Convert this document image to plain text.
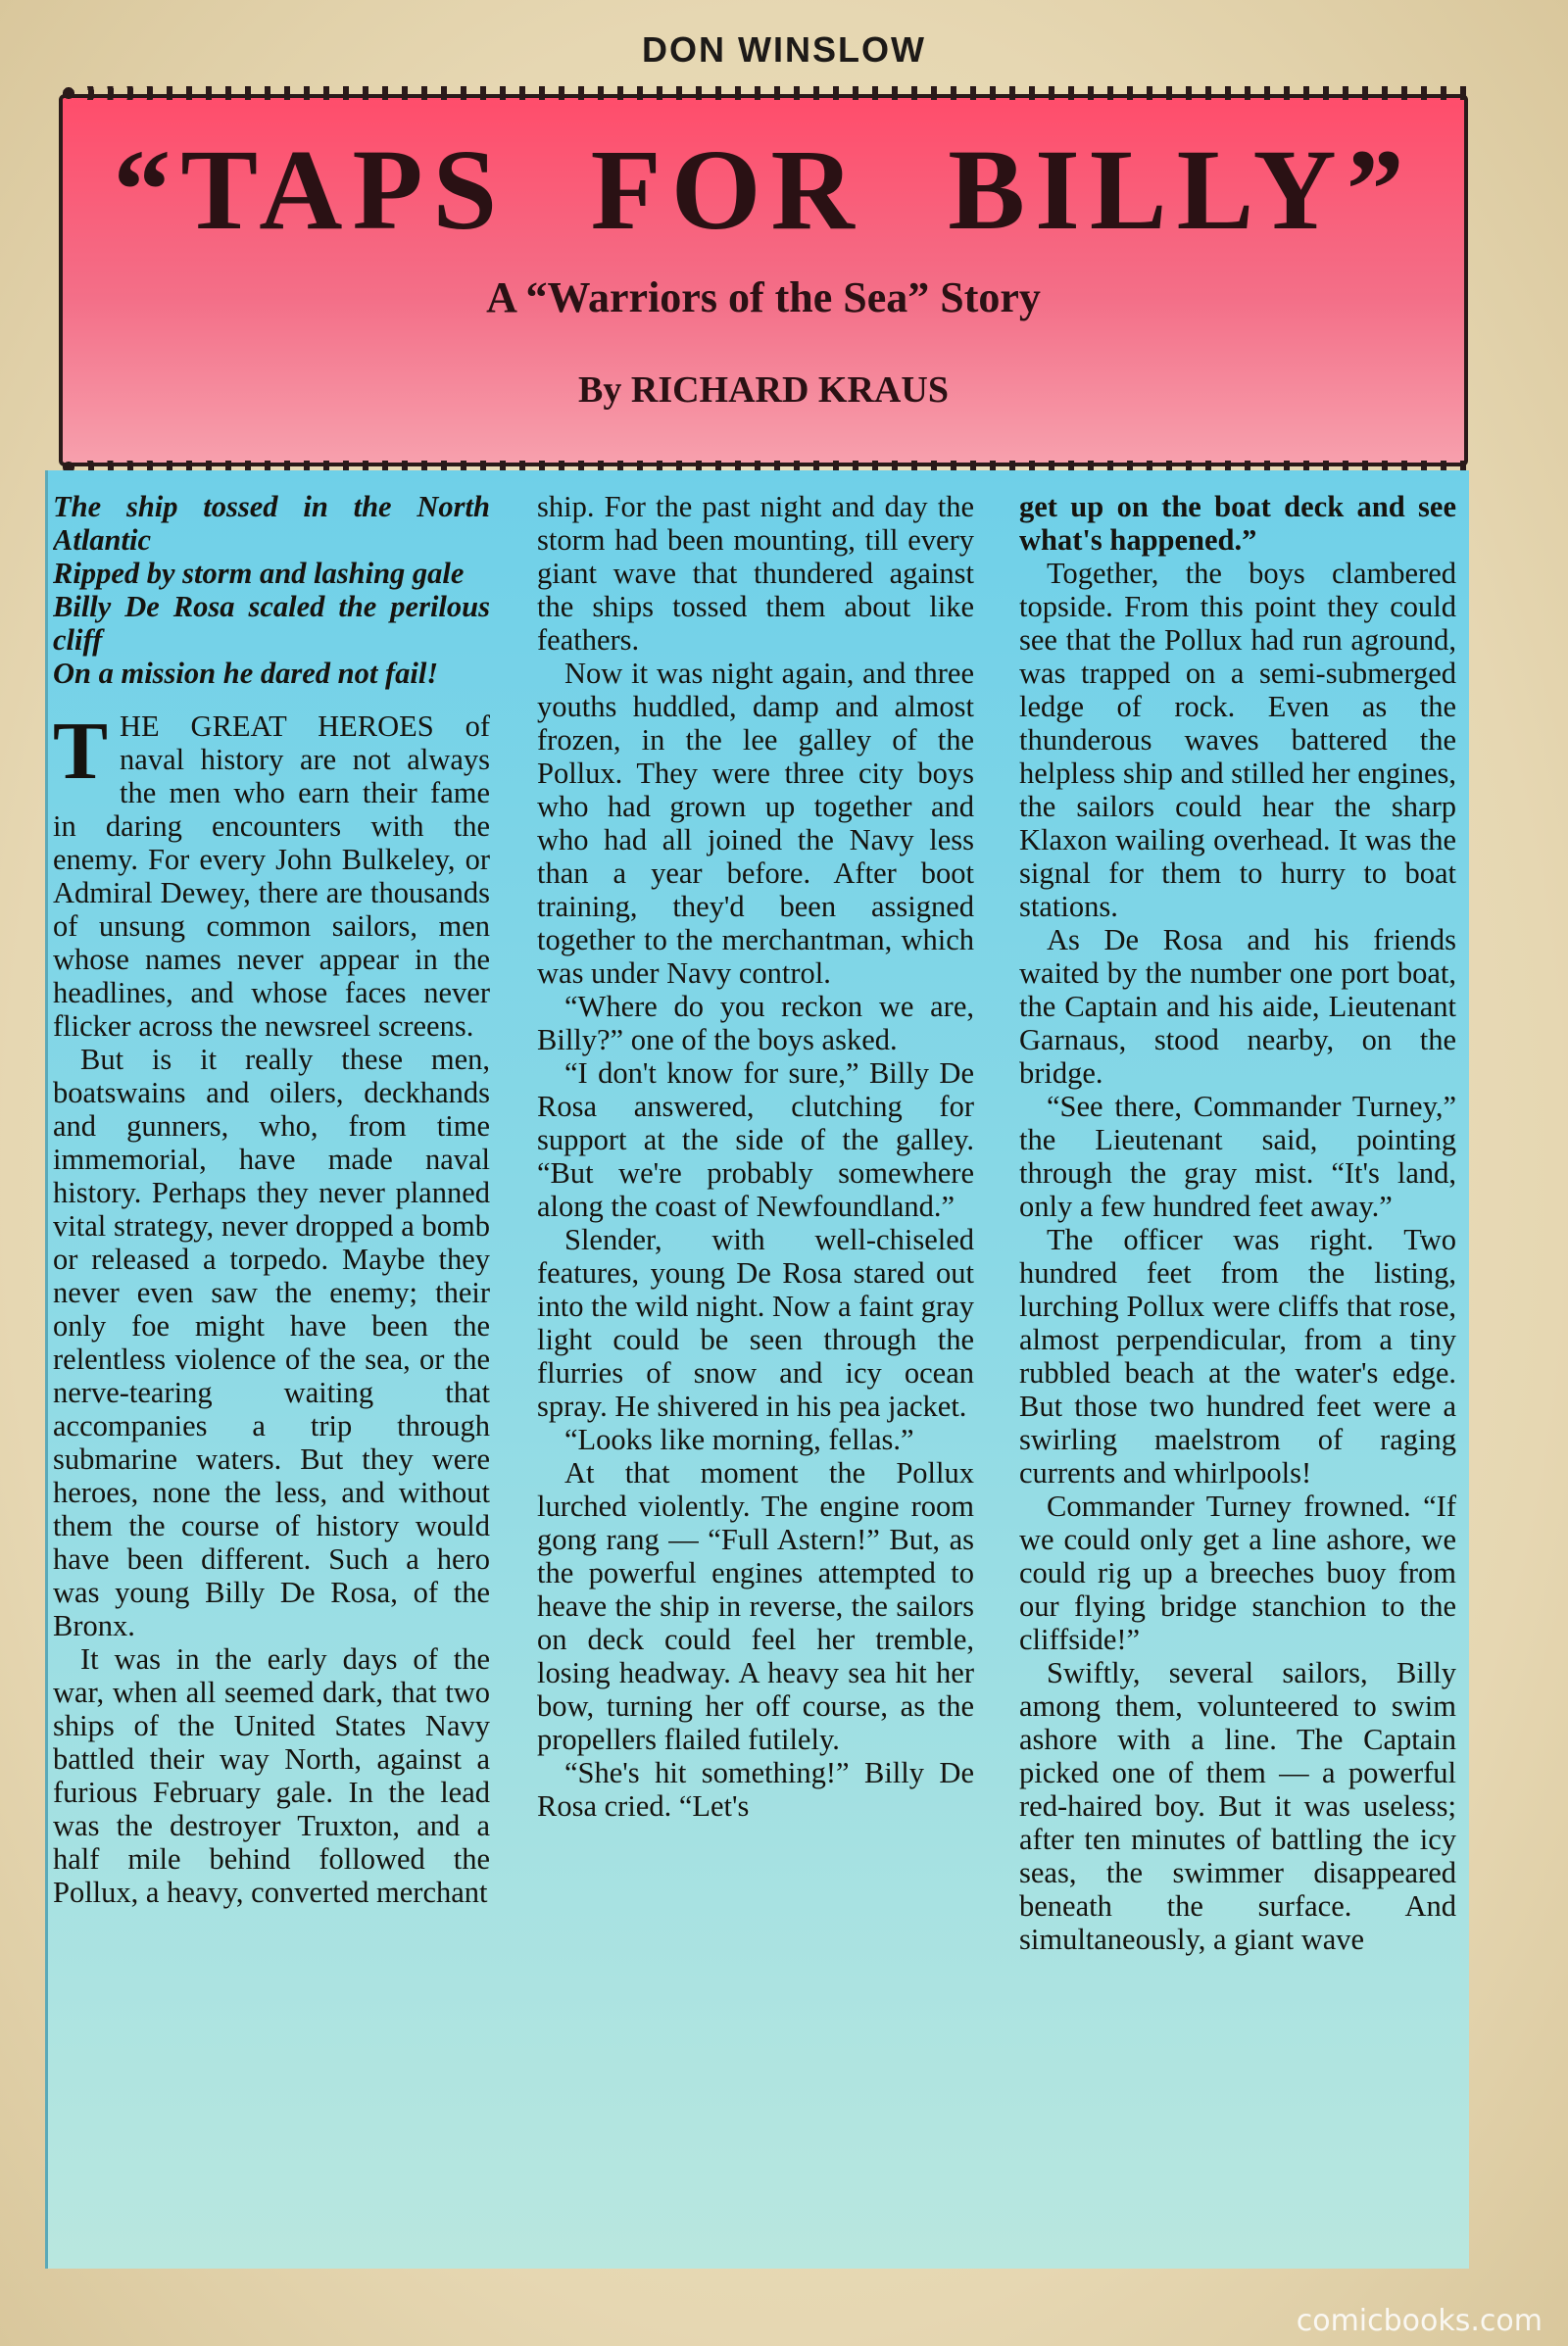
DON WINSLOW
“TAPS FOR BILLY”
A “Warriors of the Sea” Story
By RICHARD KRAUS
The ship tossed in the North Atlantic
Ripped by storm and lashing gale
Billy De Rosa scaled the perilous cliff
On a mission he dared not fail!

THE GREAT HEROES of naval history are not always the men who earn their fame in daring encounters with the enemy. For every John Bulkeley, or Admiral Dewey, there are thousands of unsung common sailors, men whose names never appear in the headlines, and whose faces never flicker across the newsreel screens.

But is it really these men, boatswains and oilers, deckhands and gunners, who, from time immemorial, have made naval history. Perhaps they never planned vital strategy, never dropped a bomb or released a torpedo. Maybe they never even saw the enemy; their only foe might have been the relentless violence of the sea, or the nerve-tearing waiting that accompanies a trip through submarine waters. But they were heroes, none the less, and without them the course of history would have been different. Such a hero was young Billy De Rosa, of the Bronx.

It was in the early days of the war, when all seemed dark, that two ships of the United States Navy battled their way North, against a furious February gale. In the lead was the destroyer Truxton, and a half mile behind followed the Pollux, a heavy, converted merchant

ship. For the past night and day the storm had been mounting, till every giant wave that thundered against the ships tossed them about like feathers.

Now it was night again, and three youths huddled, damp and almost frozen, in the lee galley of the Pollux. They were three city boys who had grown up together and who had all joined the Navy less than a year before. After boot training, they'd been assigned together to the merchantman, which was under Navy control.

“Where do you reckon we are, Billy?” one of the boys asked.

“I don't know for sure,” Billy De Rosa answered, clutching for support at the side of the galley. “But we're probably somewhere along the coast of Newfoundland.”

Slender, with well-chiseled features, young De Rosa stared out into the wild night. Now a faint gray light could be seen through the flurries of snow and icy ocean spray. He shivered in his pea jacket.

“Looks like morning, fellas.”

At that moment the Pollux lurched violently. The engine room gong rang — “Full Astern!” But, as the powerful engines attempted to heave the ship in reverse, the sailors on deck could feel her tremble, losing headway. A heavy sea hit her bow, turning her off course, as the propellers flailed futilely.

“She's hit something!” Billy De Rosa cried. “Let's

get up on the boat deck and see what's happened.”

Together, the boys clambered topside. From this point they could see that the Pollux had run aground, was trapped on a semi-submerged ledge of rock. Even as the thunderous waves battered the helpless ship and stilled her engines, the sailors could hear the sharp Klaxon wailing overhead. It was the signal for them to hurry to boat stations.

As De Rosa and his friends waited by the number one port boat, the Captain and his aide, Lieutenant Garnaus, stood nearby, on the bridge.

“See there, Commander Turney,” the Lieutenant said, pointing through the gray mist. “It's land, only a few hundred feet away.”

The officer was right. Two hundred feet from the listing, lurching Pollux were cliffs that rose, almost perpendicular, from a tiny rubbled beach at the water's edge. But those two hundred feet were a swirling maelstrom of raging currents and whirlpools!

Commander Turney frowned. “If we could only get a line ashore, we could rig up a breeches buoy from our flying bridge stanchion to the cliffside!”

Swiftly, several sailors, Billy among them, volunteered to swim ashore with a line. The Captain picked one of them — a powerful red-haired boy. But it was useless; after ten minutes of battling the icy seas, the swimmer disappeared beneath the surface. And simultaneously, a giant wave

comicbooks.com
